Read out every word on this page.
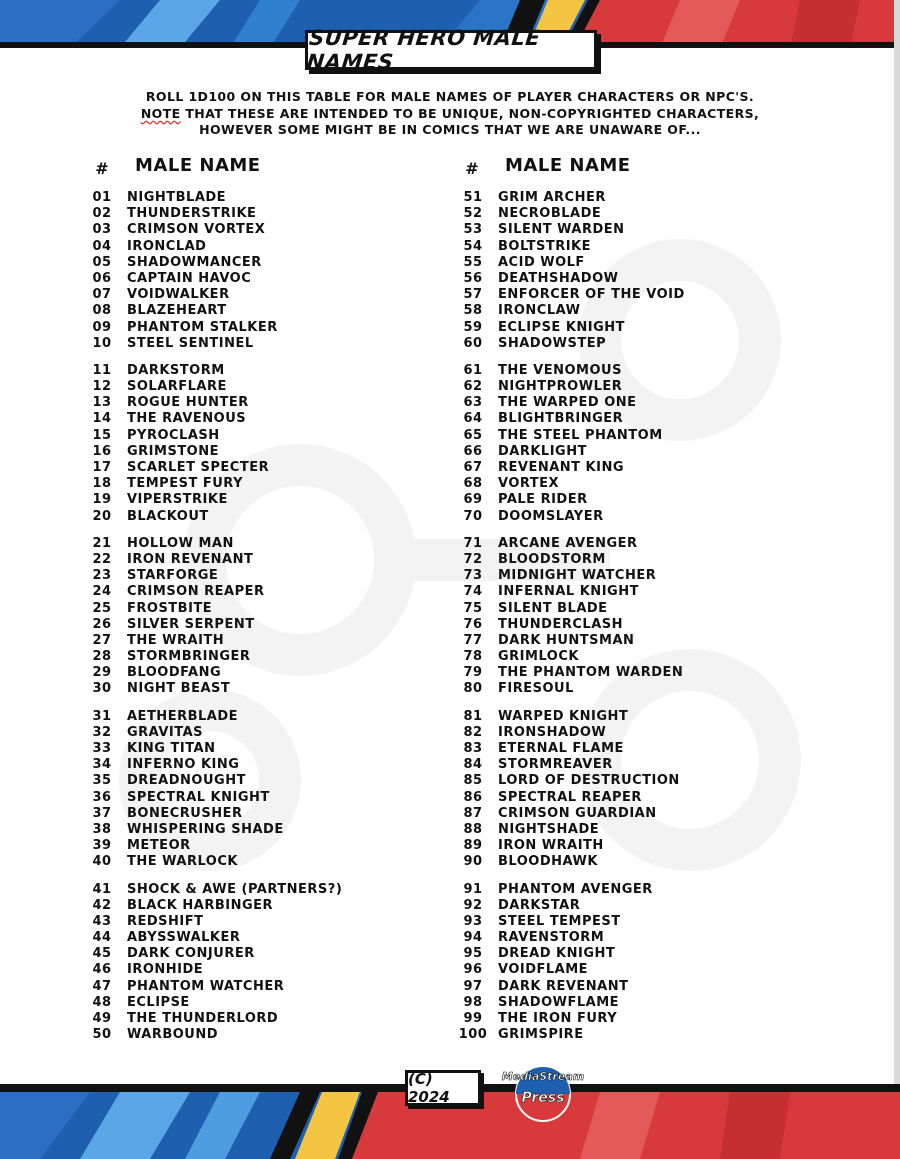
SUPER HERO MALE NAMES
ROLL 1D100 ON THIS TABLE FOR MALE NAMES OF PLAYER CHARACTERS OR NPC'S.
NOTE THAT THESE ARE INTENDED TO BE UNIQUE, NON-COPYRIGHTED CHARACTERS,
HOWEVER SOME MIGHT BE IN COMICS THAT WE ARE UNAWARE OF...
# MALE NAME	# MALE NAME
01	NIGHTBLADE
02	THUNDERSTRIKE
03	CRIMSON VORTEX
04	IRONCLAD
05	SHADOWMANCER
06	CAPTAIN HAVOC
07	VOIDWALKER
08	BLAZEHEART
09	PHANTOM STALKER
10	STEEL SENTINEL
11	DARKSTORM
12	SOLARFLARE
13	ROGUE HUNTER
14	THE RAVENOUS
15	PYROCLASH
16	GRIMSTONE
17	SCARLET SPECTER
18	TEMPEST FURY
19	VIPERSTRIKE
20	BLACKOUT
21	HOLLOW MAN
22	IRON REVENANT
23	STARFORGE
24	CRIMSON REAPER
25	FROSTBITE
26	SILVER SERPENT
27	THE WRAITH
28	STORMBRINGER
29	BLOODFANG
30	NIGHT BEAST
31	AETHERBLADE
32	GRAVITAS
33	KING TITAN
34	INFERNO KING
35	DREADNOUGHT
36	SPECTRAL KNIGHT
37	BONECRUSHER
38	WHISPERING SHADE
39	METEOR
40	THE WARLOCK
41	SHOCK & AWE (PARTNERS?)
42	BLACK HARBINGER
43	REDSHIFT
44	ABYSSWALKER
45	DARK CONJURER
46	IRONHIDE
47	PHANTOM WATCHER
48	ECLIPSE
49	THE THUNDERLORD
50	WARBOUND
51	GRIM ARCHER
52	NECROBLADE
53	SILENT WARDEN
54	BOLTSTRIKE
55	ACID WOLF
56	DEATHSHADOW
57	ENFORCER OF THE VOID
58	IRONCLAW
59	ECLIPSE KNIGHT
60	SHADOWSTEP
61	THE VENOMOUS
62	NIGHTPROWLER
63	THE WARPED ONE
64	BLIGHTBRINGER
65	THE STEEL PHANTOM
66	DARKLIGHT
67	REVENANT KING
68	VORTEX
69	PALE RIDER
70	DOOMSLAYER
71	ARCANE AVENGER
72	BLOODSTORM
73	MIDNIGHT WATCHER
74	INFERNAL KNIGHT
75	SILENT BLADE
76	THUNDERCLASH
77	DARK HUNTSMAN
78	GRIMLOCK
79	THE PHANTOM WARDEN
80	FIRESOUL
81	WARPED KNIGHT
82	IRONSHADOW
83	ETERNAL FLAME
84	STORMREAVER
85	LORD OF DESTRUCTION
86	SPECTRAL REAPER
87	CRIMSON GUARDIAN
88	NIGHTSHADE
89	IRON WRAITH
90	BLOODHAWK
91	PHANTOM AVENGER
92	DARKSTAR
93	STEEL TEMPEST
94	RAVENSTORM
95	DREAD KNIGHT
96	VOIDFLAME
97	DARK REVENANT
98	SHADOWFLAME
99	THE IRON FURY
100 GRIMSPIRE
(C) 2024
MediaStream
Press
